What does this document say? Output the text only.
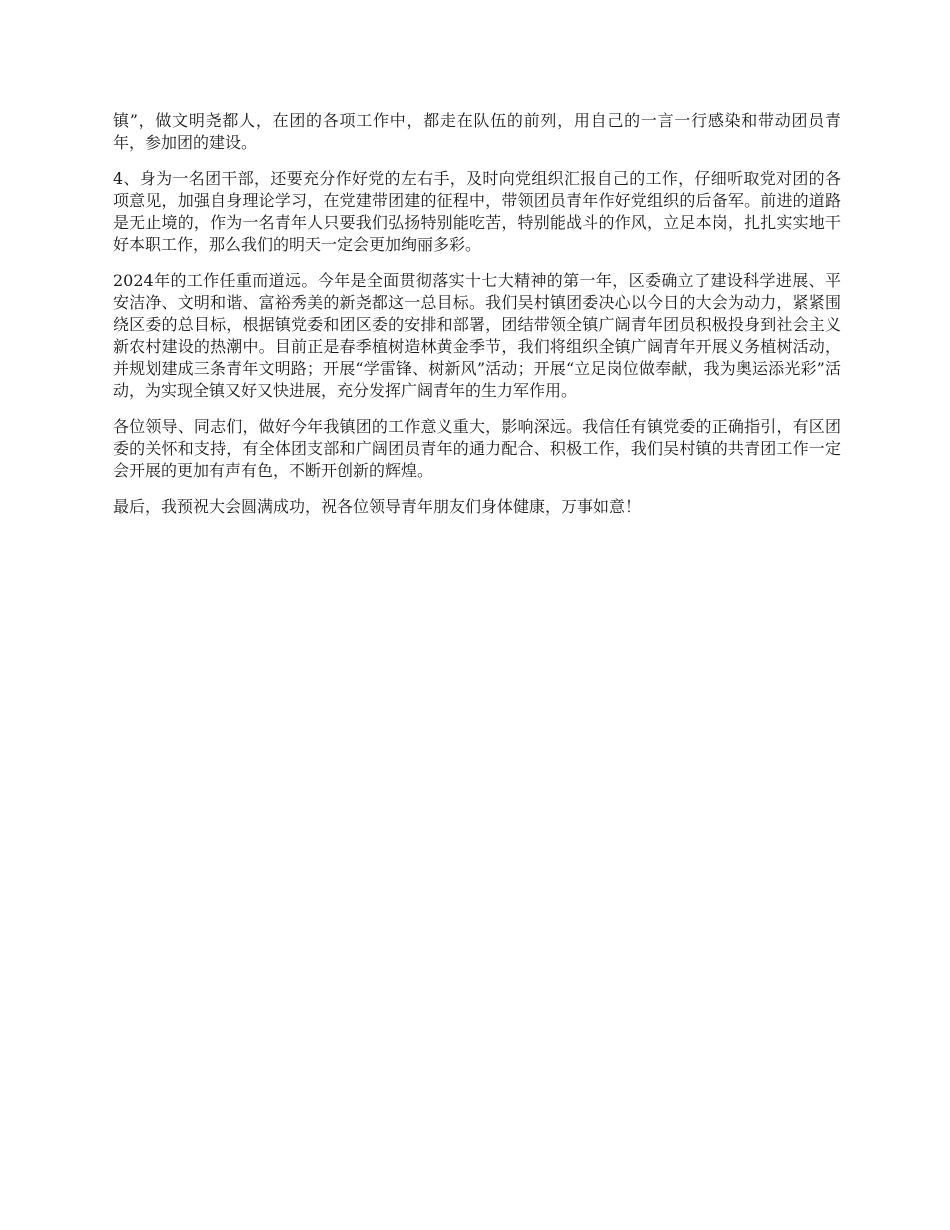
镇”，做文明尧都人，在团的各项工作中，都走在队伍的前列，用自己的一言一行感染和带动团员青年，参加团的建设。

4、身为一名团干部，还要充分作好党的左右手，及时向党组织汇报自己的工作，仔细听取党对团的各项意见，加强自身理论学习，在党建带团建的征程中，带领团员青年作好党组织的后备军。前进的道路是无止境的，作为一名青年人只要我们弘扬特别能吃苦，特别能战斗的作风，立足本岗，扎扎实实地干好本职工作，那么我们的明天一定会更加绚丽多彩。

2024年的工作任重而道远。今年是全面贯彻落实十七大精神的第一年，区委确立了建设科学进展、平安洁净、文明和谐、富裕秀美的新尧都这一总目标。我们吴村镇团委决心以今日的大会为动力，紧紧围绕区委的总目标，根据镇党委和团区委的安排和部署，团结带领全镇广阔青年团员积极投身到社会主义新农村建设的热潮中。目前正是春季植树造林黄金季节，我们将组织全镇广阔青年开展义务植树活动，并规划建成三条青年文明路；开展“学雷锋、树新风”活动；开展“立足岗位做奉献，我为奥运添光彩”活动，为实现全镇又好又快进展，充分发挥广阔青年的生力军作用。

各位领导、同志们，做好今年我镇团的工作意义重大，影响深远。我信任有镇党委的正确指引，有区团委的关怀和支持，有全体团支部和广阔团员青年的通力配合、积极工作，我们吴村镇的共青团工作一定会开展的更加有声有色，不断开创新的辉煌。

最后，我预祝大会圆满成功，祝各位领导青年朋友们身体健康，万事如意！
